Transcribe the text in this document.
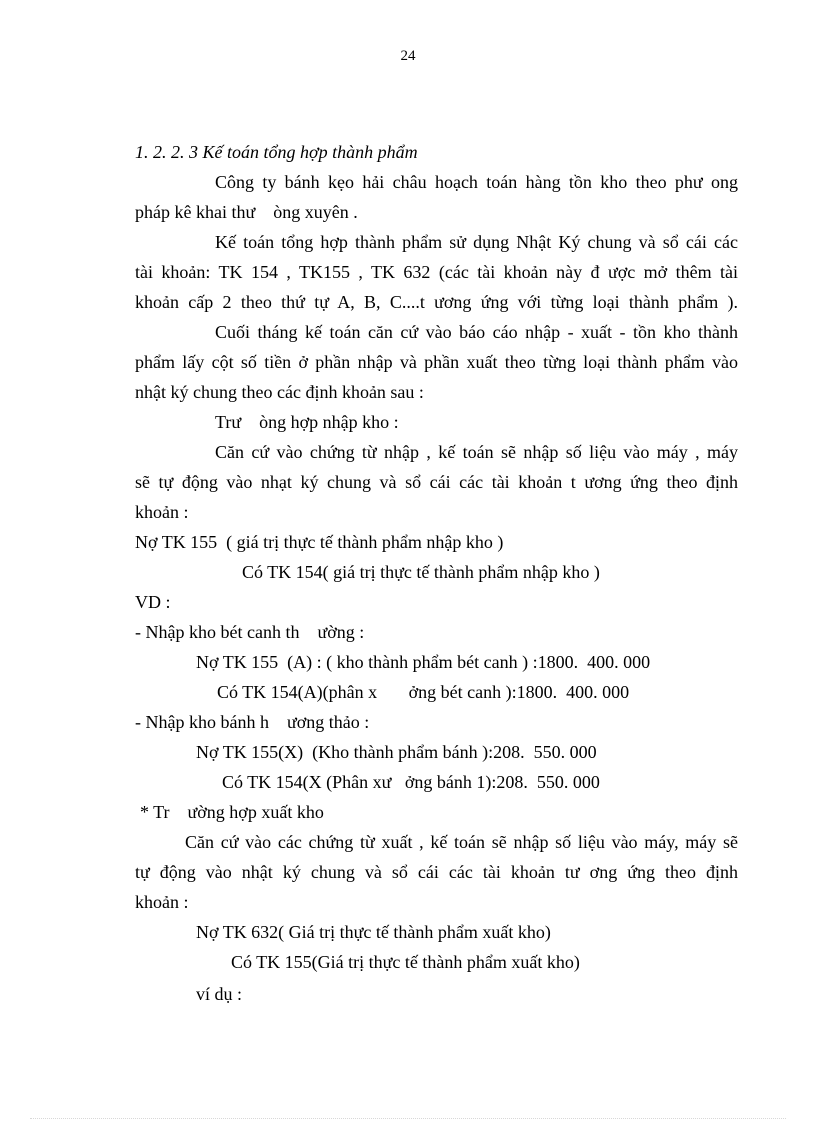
24
1. 2. 2. 3 Kế toán tổng hợp thành phẩm
Công ty bánh kẹo hải châu hoạch toán hàng tồn kho theo phư ong
pháp kê khai thư    òng xuyên .
Kế toán tổng hợp thành phẩm sử dụng Nhật Ký chung và sổ cái các
tài khoản: TK 154 , TK155 , TK 632 (các tài khoản này đ ược mở thêm tài
khoản cấp 2 theo thứ tự A, B, C....t ương ứng với từng loại thành phẩm ).
Cuối tháng kế toán căn cứ vào báo cáo nhập - xuất - tồn kho thành
phẩm lấy cột số tiền ở phần nhập và phần xuất theo từng loại thành phẩm vào
nhật ký chung theo các định khoản sau :
Trư    òng hợp nhập kho :
Căn cứ vào chứng từ nhập , kế toán sẽ nhập số liệu vào máy , máy
sẽ tự động vào nhạt ký chung và sổ cái các tài khoản t ương ứng theo định
khoản :
Nợ TK 155  ( giá trị thực tế thành phẩm nhập kho )
Có TK 154( giá trị thực tế thành phẩm nhập kho )
VD :
- Nhập kho bét canh th    ường :
Nợ TK 155  (A) : ( kho thành phẩm bét canh ) :1800.  400. 000
Có TK 154(A)(phân x       ởng bét canh ):1800.  400. 000
- Nhập kho bánh h    ương thảo :
Nợ TK 155(X)  (Kho thành phẩm bánh ):208.  550. 000
Có TK 154(X (Phân xư   ởng bánh 1):208.  550. 000
* Tr    ường hợp xuất kho
Căn cứ vào các chứng từ xuất , kế toán sẽ nhập số liệu vào máy, máy sẽ
tự động vào nhật ký chung và sổ cái các tài khoản tư ơng ứng theo định
khoản :
Nợ TK 632( Giá trị thực tế thành phẩm xuất kho)
Có TK 155(Giá trị thực tế thành phẩm xuất kho)
ví dụ :
